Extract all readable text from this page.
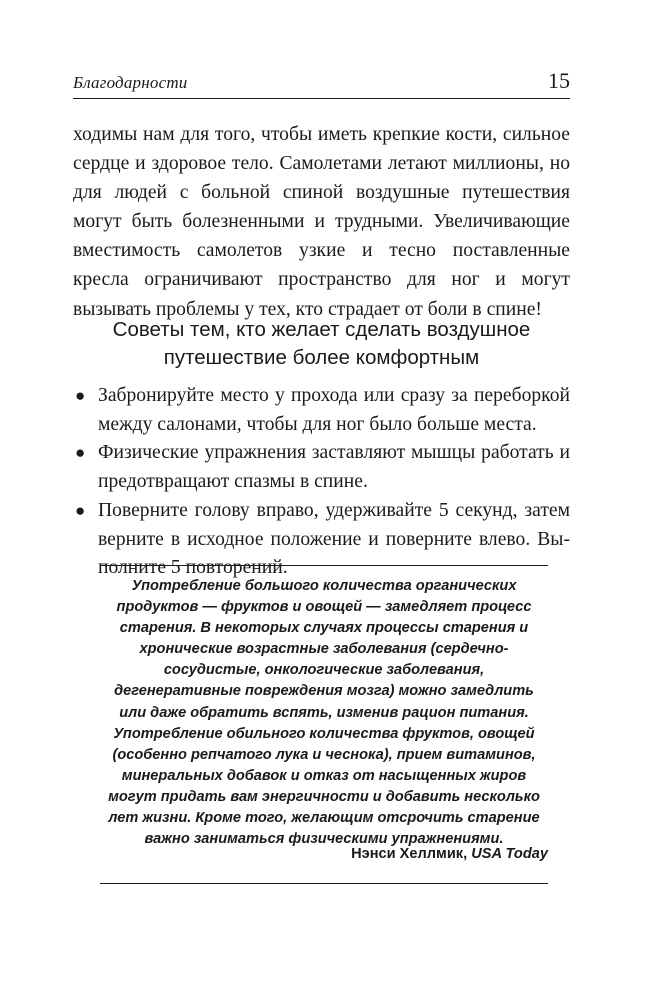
Благодарности	15

ходимы нам для того, чтобы иметь крепкие кости, сильное сердце и здоровое тело. Самолетами летают миллионы, но для людей с больной спиной воздушные путешествия могут быть болезненными и трудными. Увеличивающие вместимость самолетов узкие и тесно поставленные кресла ограничивают пространство для ног и могут вызывать проблемы у тех, кто страдает от боли в спине!

Советы тем, кто желает сделать воздушное
путешествие более комфортным
● Забронируйте место у прохода или сразу за переборкой между салонами, чтобы для ног было больше места.
● Физические упражнения заставляют мышцы работать и предотвращают спазмы в спине.
● Поверните голову вправо, удерживайте 5 секунд, затем верните в исходное положение и поверните влево. Выполните 5 повторений.

Употребление большого количества органических продуктов — фруктов и овощей — замедляет процесс старения. В некоторых случаях процессы старения и хронические возрастные заболевания (сердечно-сосудистые, онкологические заболевания, дегенеративные повреждения мозга) можно замедлить или даже обратить вспять, изменив рацион питания. Употребление обильного количества фруктов, овощей (особенно репчатого лука и чеснока), прием витаминов, минеральных добавок и отказ от насыщенных жиров могут придать вам энергичности и добавить несколько лет жизни. Кроме того, желающим отсрочить старение важно заниматься физическими упражнениями.

Нэнси Хеллмик, USA Today
